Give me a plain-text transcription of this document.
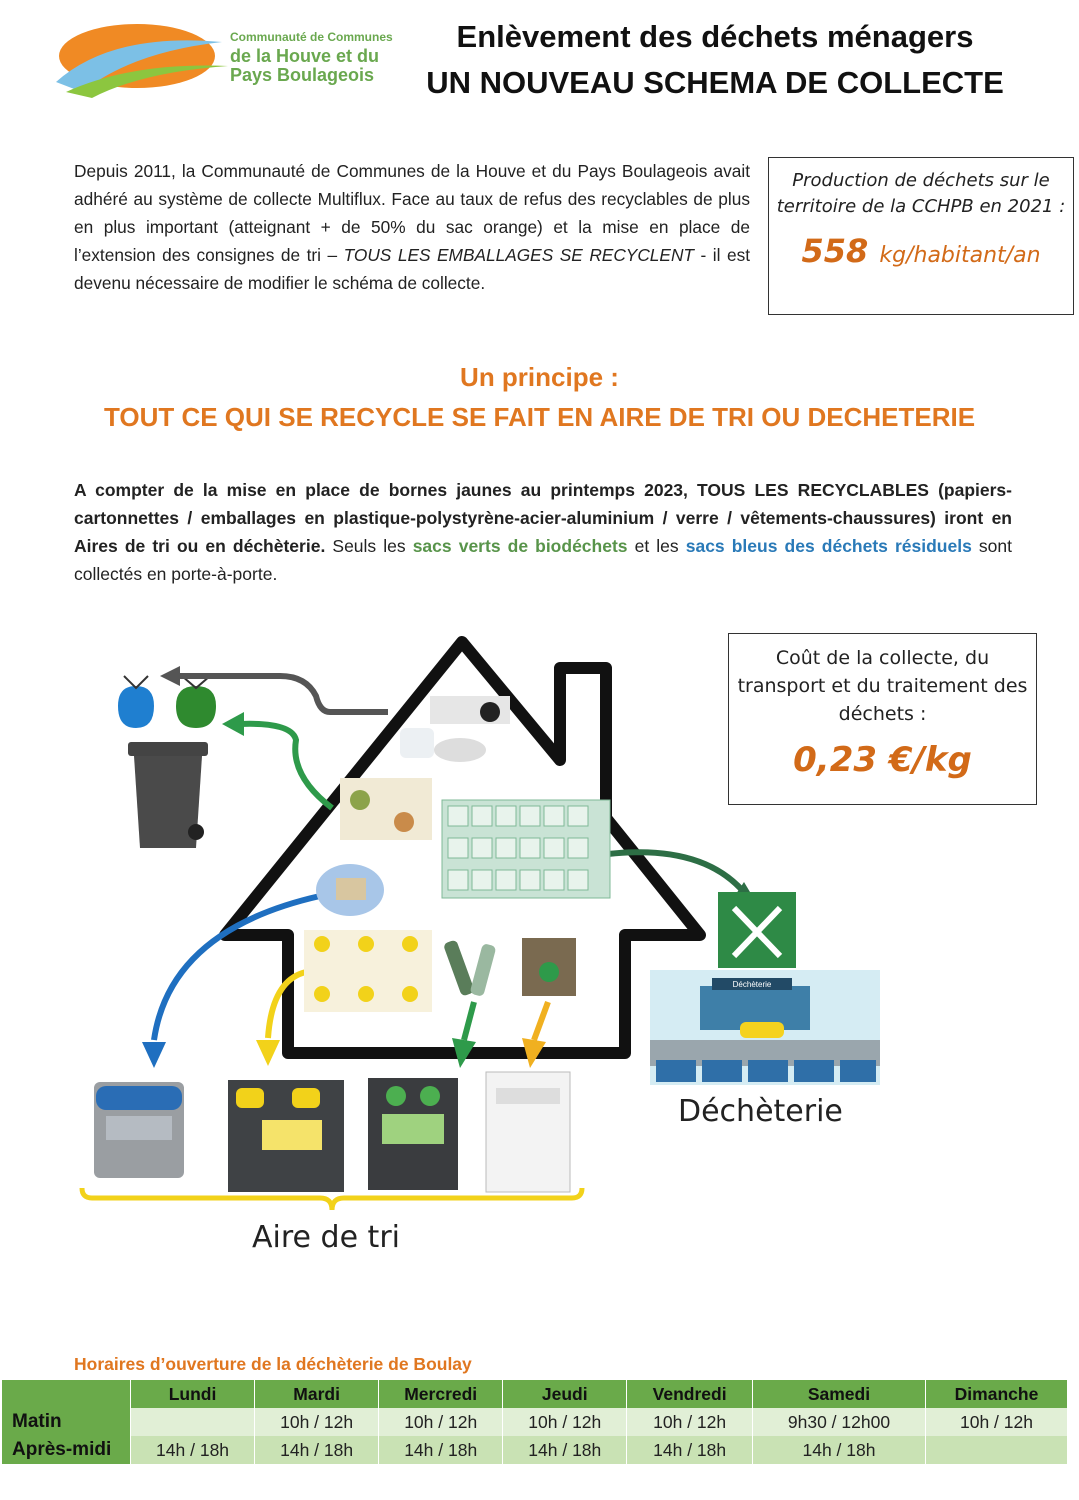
Communauté de Communes
de la Houve et du
Pays Boulageois
Enlèvement des déchets ménagers
UN NOUVEAU SCHEMA DE COLLECTE
Depuis 2011, la Communauté de Communes de la Houve et du Pays Boulageois avait adhéré au système de collecte Multiflux. Face au taux de refus des recyclables de plus en plus important (atteignant + de 50% du sac orange) et la mise en place de l’extension des consignes de tri – TOUS LES EMBALLAGES SE RECYCLENT - il est devenu nécessaire de modifier le schéma de collecte.
Production de déchets sur le territoire de la CCHPB en 2021 :
558 kg/habitant/an
Un principe :
TOUT CE QUI SE RECYCLE SE FAIT EN AIRE DE TRI OU DECHETERIE
A compter de la mise en place de bornes jaunes au printemps 2023, TOUS LES RECYCLABLES (papiers-cartonnettes / emballages en plastique-polystyrène-acier-aluminium / verre / vêtements-chaussures) iront en Aires de tri ou en déchèterie. Seuls les sacs verts de biodéchets et les sacs bleus des déchets résiduels sont collectés en porte-à-porte.
Déchèterie
Déchèterie
Aire de tri
Coût de la collecte, du transport et du traitement des déchets :
0,23 €/kg
Horaires d’ouverture de la déchèterie de Boulay
	Lundi	Mardi	Mercredi	Jeudi	Vendredi	Samedi	Dimanche
Matin		10h / 12h	10h / 12h	10h / 12h	10h / 12h	9h30 / 12h00	10h / 12h
Après-midi	14h / 18h	14h / 18h	14h / 18h	14h / 18h	14h / 18h	14h / 18h	
